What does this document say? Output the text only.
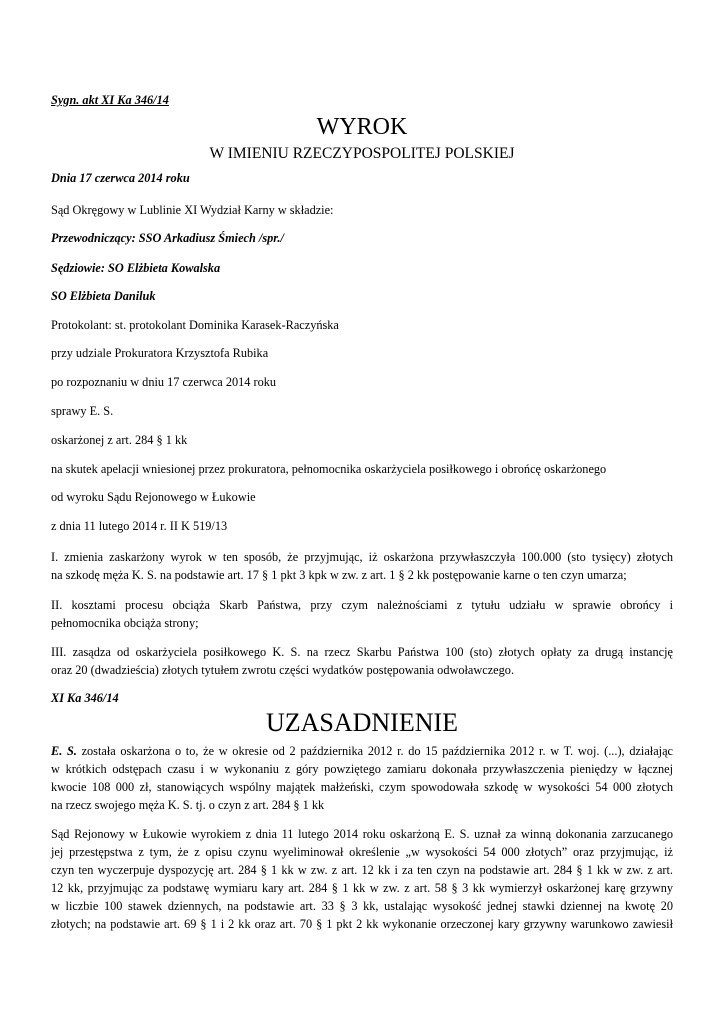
Sygn. akt XI Ka 346/14
WYROK
W IMIENIU RZECZYPOSPOLITEJ POLSKIEJ
Dnia 17 czerwca 2014 roku
Sąd Okręgowy w Lublinie XI Wydział Karny w składzie:
Przewodniczący: SSO Arkadiusz Śmiech /spr./
Sędziowie: SO Elżbieta Kowalska
SO Elżbieta Daniluk
Protokolant: st. protokolant Dominika Karasek-Raczyńska
przy udziale Prokuratora Krzysztofa Rubika
po rozpoznaniu w dniu 17 czerwca 2014 roku
sprawy E. S.
oskarżonej z art. 284 § 1 kk
na skutek apelacji wniesionej przez prokuratora, pełnomocnika oskarżyciela posiłkowego i obrońcę oskarżonego
od wyroku Sądu Rejonowego w Łukowie
z dnia 11 lutego 2014 r. II K 519/13
I. zmienia zaskarżony wyrok w ten sposób, że przyjmując, iż oskarżona przywłaszczyła 100.000 (sto tysięcy) złotych
na szkodę męża K. S. na podstawie art. 17 § 1 pkt 3 kpk w zw. z art. 1 § 2 kk postępowanie karne o ten czyn umarza;
II. kosztami procesu obciąża Skarb Państwa, przy czym należnościami z tytułu udziału w sprawie obrońcy i
pełnomocnika obciąża strony;
III. zasądza od oskarżyciela posiłkowego K. S. na rzecz Skarbu Państwa 100 (sto) złotych opłaty za drugą instancję
oraz 20 (dwadzieścia) złotych tytułem zwrotu części wydatków postępowania odwoławczego.
XI Ka 346/14
UZASADNIENIE
E. S. została oskarżona o to, że w okresie od 2 października 2012 r. do 15 października 2012 r. w T. woj. (...), działając
w krótkich odstępach czasu i w wykonaniu z góry powziętego zamiaru dokonała przywłaszczenia pieniędzy w łącznej
kwocie 108 000 zł, stanowiących wspólny majątek małżeński, czym spowodowała szkodę w wysokości 54 000 złotych
na rzecz swojego męża K. S. tj. o czyn z art. 284 § 1 kk
Sąd Rejonowy w Łukowie wyrokiem z dnia 11 lutego 2014 roku oskarżoną E. S. uznał za winną dokonania zarzucanego
jej przestępstwa z tym, że z opisu czynu wyeliminował określenie „w wysokości 54 000 złotych” oraz przyjmując, iż
czyn ten wyczerpuje dyspozycję art. 284 § 1 kk w zw. z art. 12 kk i za ten czyn na podstawie art. 284 § 1 kk w zw. z art.
12 kk, przyjmując za podstawę wymiaru kary art. 284 § 1 kk w zw. z art. 58 § 3 kk wymierzył oskarżonej karę grzywny
w liczbie 100 stawek dziennych, na podstawie art. 33 § 3 kk, ustalając wysokość jednej stawki dziennej na kwotę 20
złotych; na podstawie art. 69 § 1 i 2 kk oraz art. 70 § 1 pkt 2 kk wykonanie orzeczonej kary grzywny warunkowo zawiesił
